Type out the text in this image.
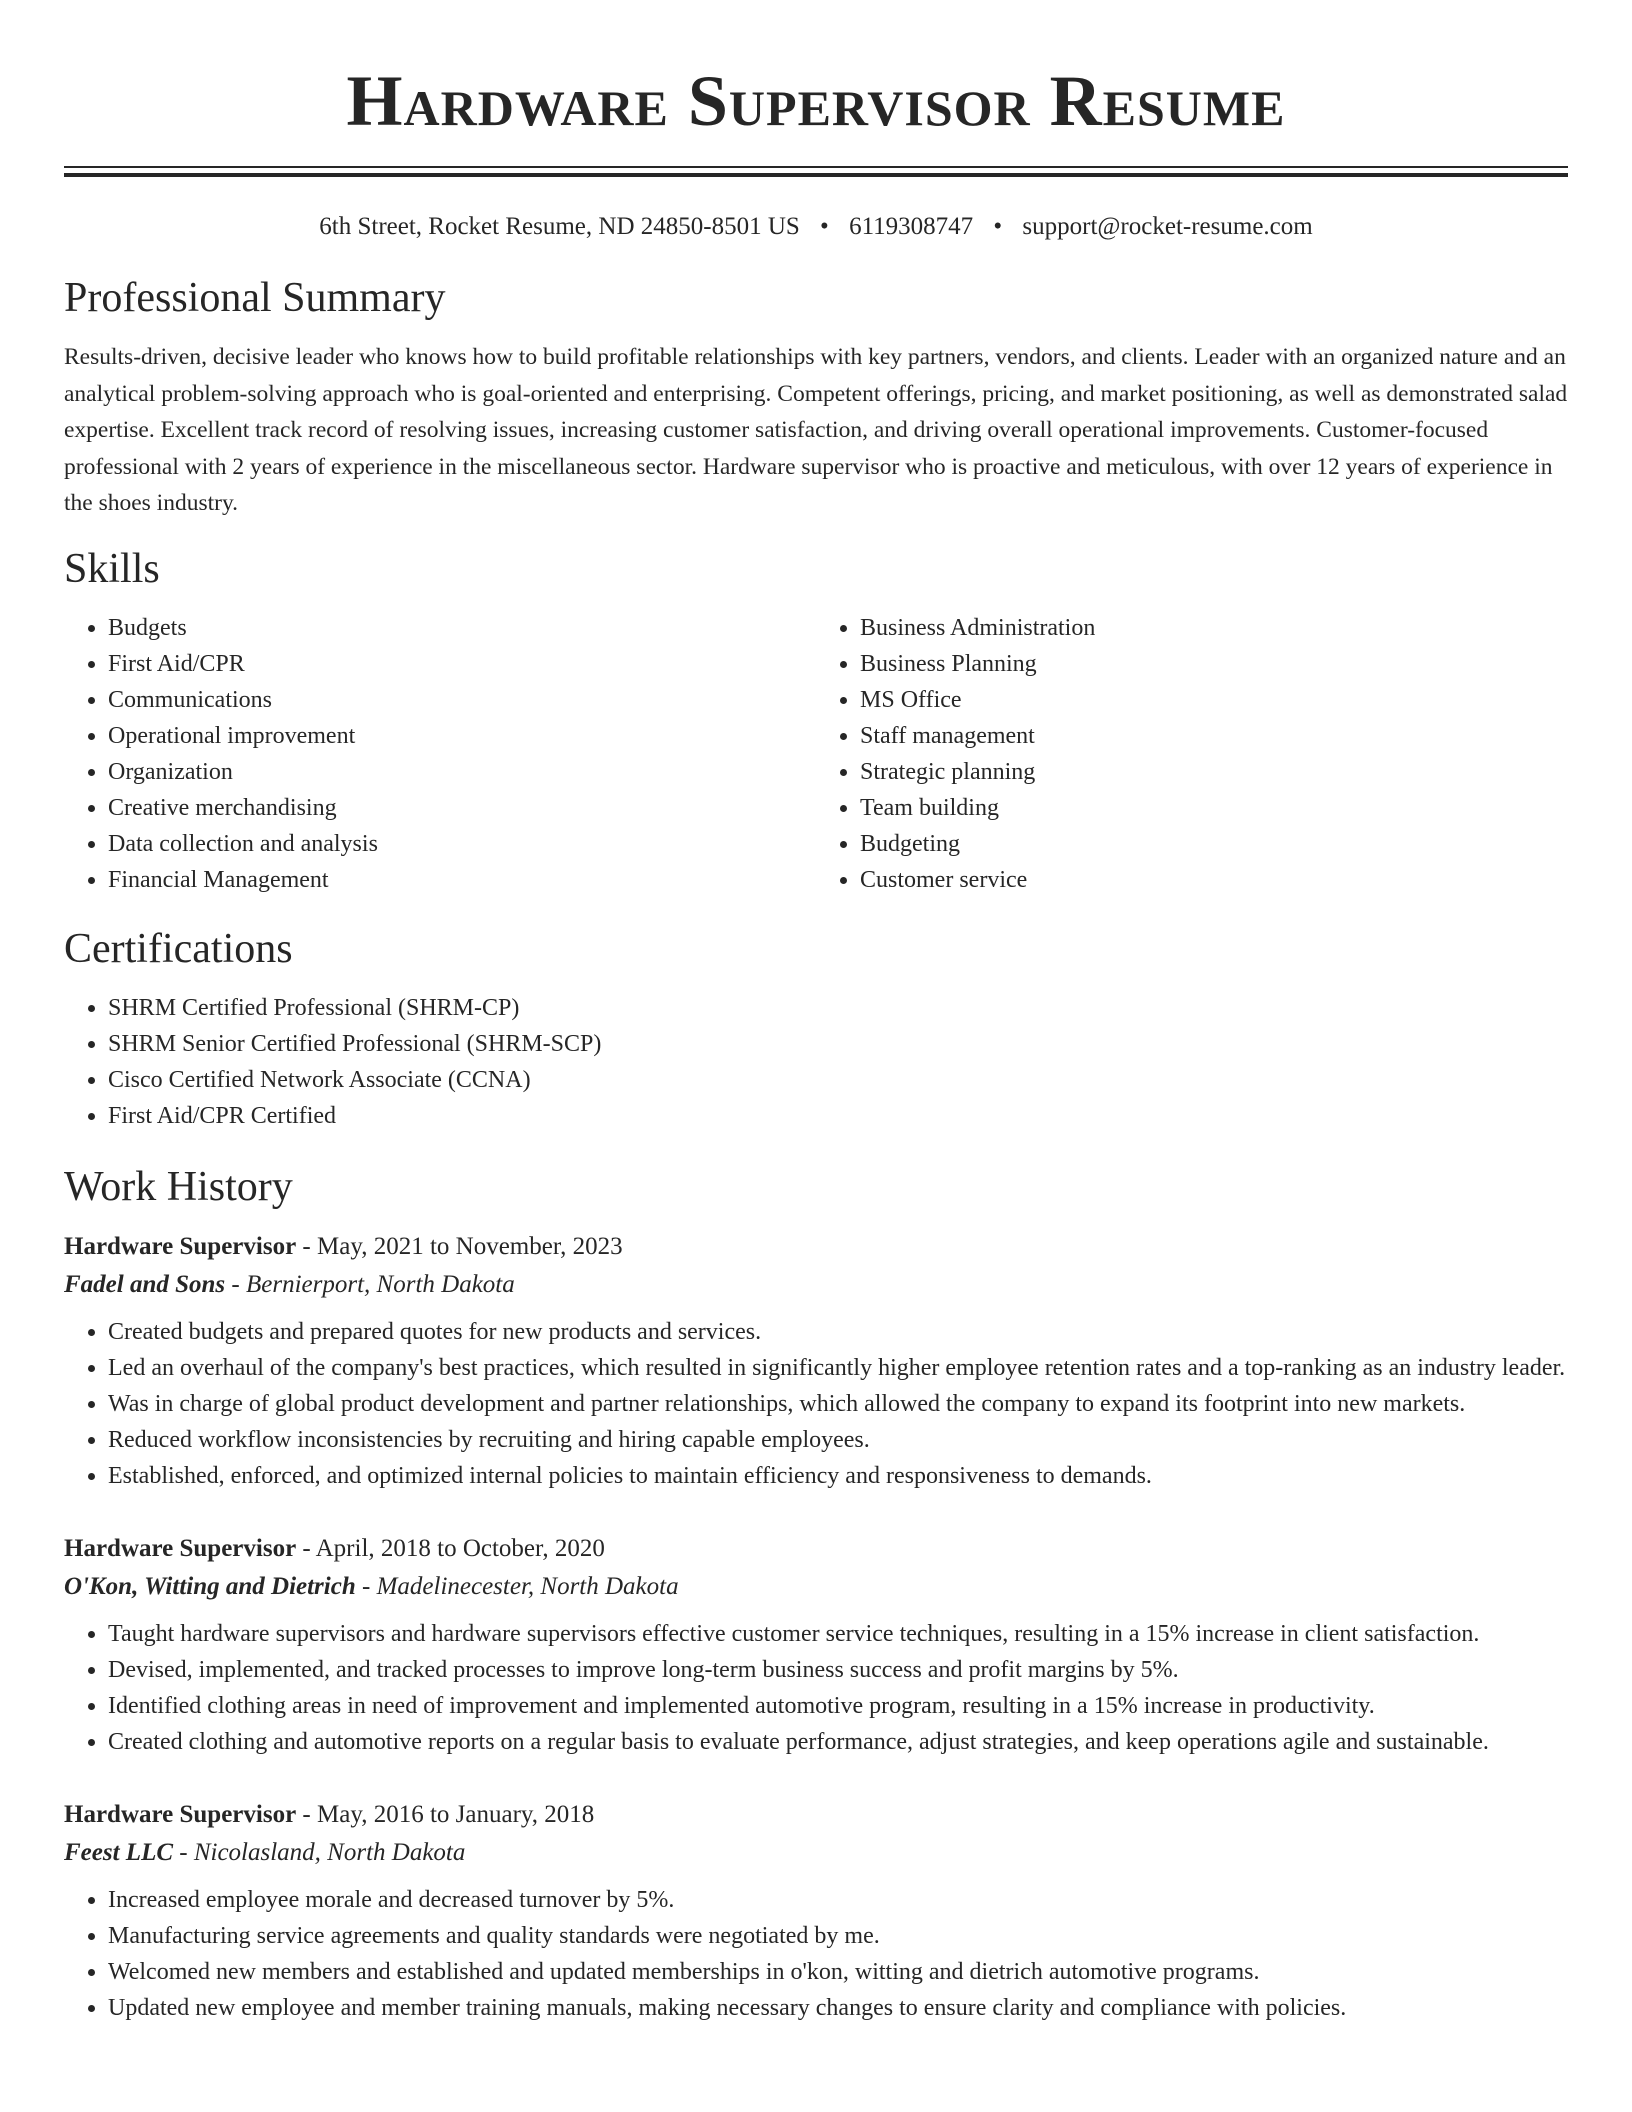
Hardware Supervisor Resume
6th Street, Rocket Resume, ND 24850-8501 US • 6119308747 • support@rocket-resume.com
Professional Summary
Results-driven, decisive leader who knows how to build profitable relationships with key partners, vendors, and clients. Leader with an organized nature and an analytical problem-solving approach who is goal-oriented and enterprising. Competent offerings, pricing, and market positioning, as well as demonstrated salad expertise. Excellent track record of resolving issues, increasing customer satisfaction, and driving overall operational improvements. Customer-focused professional with 2 years of experience in the miscellaneous sector. Hardware supervisor who is proactive and meticulous, with over 12 years of experience in the shoes industry.
Skills
• Budgets
• First Aid/CPR
• Communications
• Operational improvement
• Organization
• Creative merchandising
• Data collection and analysis
• Financial Management
• Business Administration
• Business Planning
• MS Office
• Staff management
• Strategic planning
• Team building
• Budgeting
• Customer service
Certifications
• SHRM Certified Professional (SHRM-CP)
• SHRM Senior Certified Professional (SHRM-SCP)
• Cisco Certified Network Associate (CCNA)
• First Aid/CPR Certified
Work History
Hardware Supervisor - May, 2021 to November, 2023
Fadel and Sons - Bernierport, North Dakota
• Created budgets and prepared quotes for new products and services.
• Led an overhaul of the company's best practices, which resulted in significantly higher employee retention rates and a top-ranking as an industry leader.
• Was in charge of global product development and partner relationships, which allowed the company to expand its footprint into new markets.
• Reduced workflow inconsistencies by recruiting and hiring capable employees.
• Established, enforced, and optimized internal policies to maintain efficiency and responsiveness to demands.
Hardware Supervisor - April, 2018 to October, 2020
O'Kon, Witting and Dietrich - Madelinecester, North Dakota
• Taught hardware supervisors and hardware supervisors effective customer service techniques, resulting in a 15% increase in client satisfaction.
• Devised, implemented, and tracked processes to improve long-term business success and profit margins by 5%.
• Identified clothing areas in need of improvement and implemented automotive program, resulting in a 15% increase in productivity.
• Created clothing and automotive reports on a regular basis to evaluate performance, adjust strategies, and keep operations agile and sustainable.
Hardware Supervisor - May, 2016 to January, 2018
Feest LLC - Nicolasland, North Dakota
• Increased employee morale and decreased turnover by 5%.
• Manufacturing service agreements and quality standards were negotiated by me.
• Welcomed new members and established and updated memberships in o'kon, witting and dietrich automotive programs.
• Updated new employee and member training manuals, making necessary changes to ensure clarity and compliance with policies.
